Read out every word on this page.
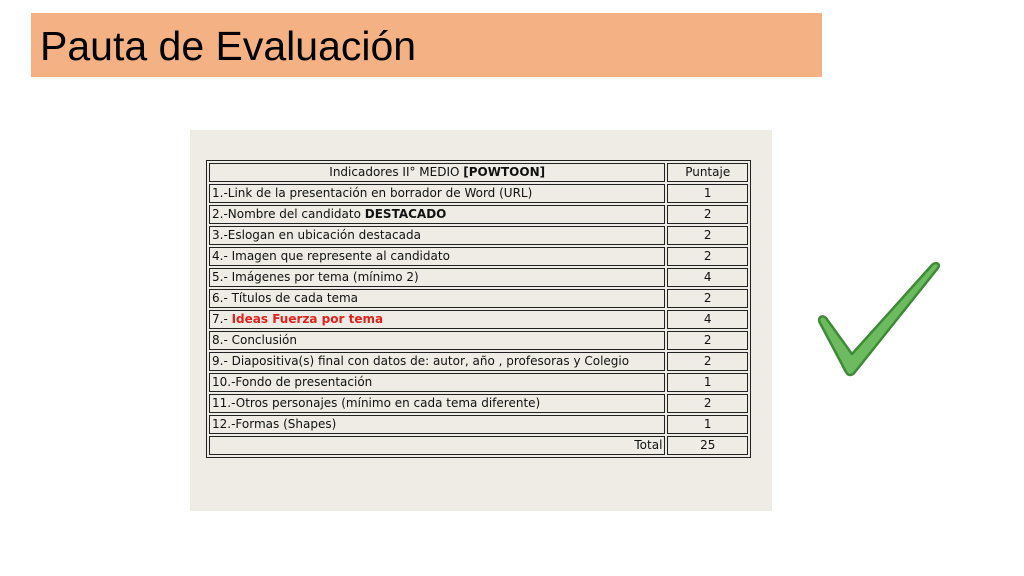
Pauta de Evaluación
Indicadores II° MEDIO [POWTOON]	Puntaje
1.-Link de la presentación en borrador de Word (URL)	1
2.-Nombre del candidato DESTACADO	2
3.-Eslogan en ubicación destacada	2
4.- Imagen que represente al candidato	2
5.- Imágenes por tema (mínimo 2)	4
6.- Títulos de cada tema	2
7.- Ideas Fuerza por tema	4
8.- Conclusión	2
9.- Diapositiva(s) final con datos de: autor, año , profesoras y Colegio	2
10.-Fondo de presentación	1
11.-Otros personajes (mínimo en cada tema diferente)	2
12.-Formas (Shapes)	1
Total	25
